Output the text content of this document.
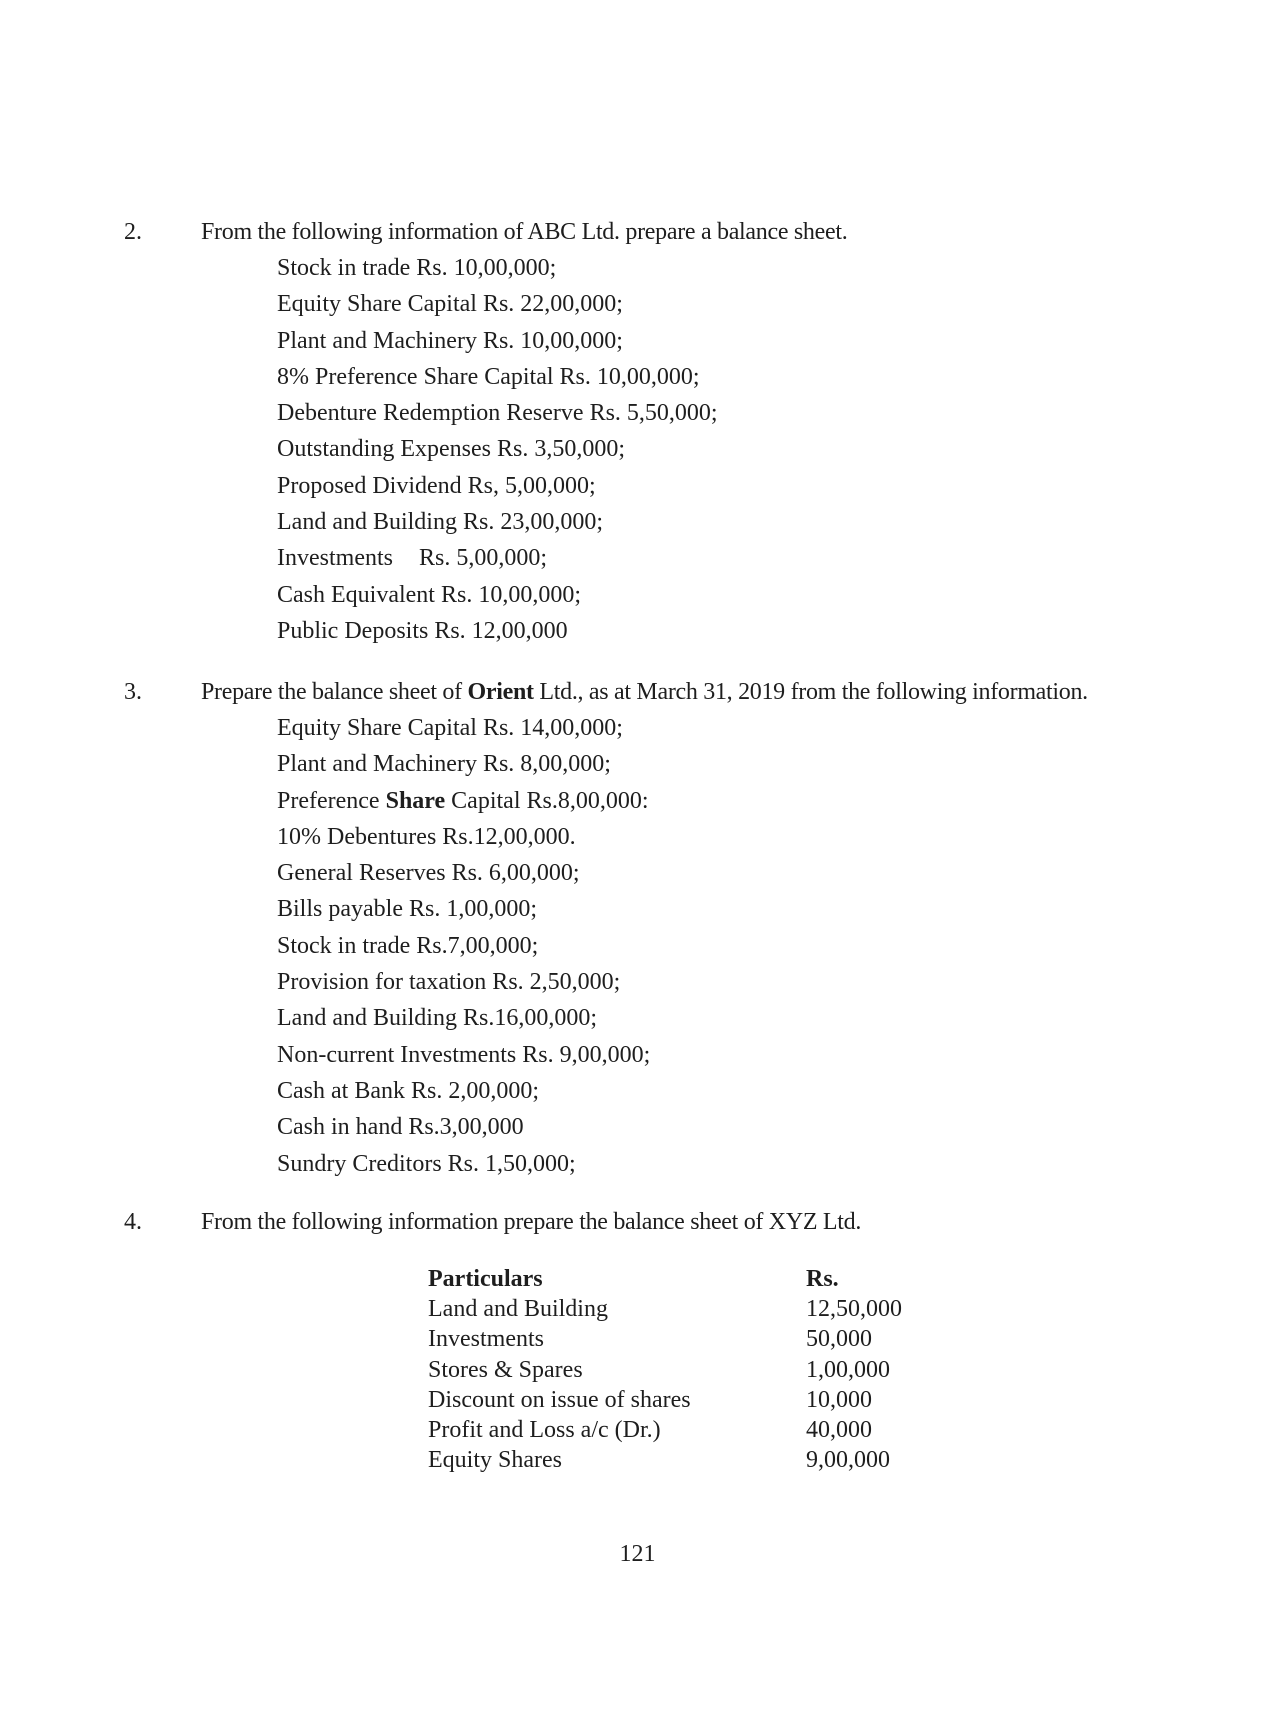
2. From the following information of ABC Ltd. prepare a balance sheet.
Stock in trade Rs. 10,00,000;
Equity Share Capital Rs. 22,00,000;
Plant and Machinery Rs. 10,00,000;
8% Preference Share Capital Rs. 10,00,000;
Debenture Redemption Reserve Rs. 5,50,000;
Outstanding Expenses Rs. 3,50,000;
Proposed Dividend Rs, 5,00,000;
Land and Building Rs. 23,00,000;
Investments Rs. 5,00,000;
Cash Equivalent Rs. 10,00,000;
Public Deposits Rs. 12,00,000
3. Prepare the balance sheet of Orient Ltd., as at March 31, 2019 from the following information.
Equity Share Capital Rs. 14,00,000;
Plant and Machinery Rs. 8,00,000;
Preference Share Capital Rs.8,00,000:
10% Debentures Rs.12,00,000.
General Reserves Rs. 6,00,000;
Bills payable Rs. 1,00,000;
Stock in trade Rs.7,00,000;
Provision for taxation Rs. 2,50,000;
Land and Building Rs.16,00,000;
Non-current Investments Rs. 9,00,000;
Cash at Bank Rs. 2,00,000;
Cash in hand Rs.3,00,000
Sundry Creditors Rs. 1,50,000;
4. From the following information prepare the balance sheet of XYZ Ltd.
Particulars	Rs.
Land and Building	12,50,000
Investments	50,000
Stores & Spares	1,00,000
Discount on issue of shares	10,000
Profit and Loss a/c (Dr.)	40,000
Equity Shares	9,00,000
121
